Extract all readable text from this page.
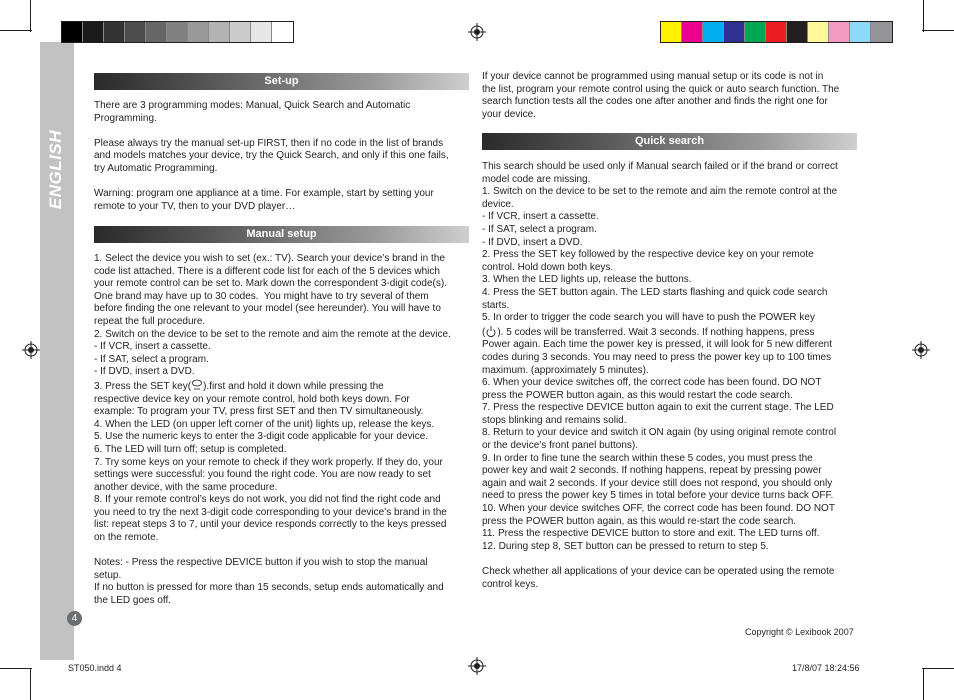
ENGLISH
4
Set-up

There are 3 programming modes: Manual, Quick Search and Automatic

Programming.

Please always try the manual set-up FIRST, then if no code in the list of brands

and models matches your device, try the Quick Search, and only if this one fails,

try Automatic Programming.

Warning: program one appliance at a time. For example, start by setting your

remote to your TV, then to your DVD player…

Manual setup

1. Select the device you wish to set (ex.: TV). Search your device’s brand in the

code list attached. There is a different code list for each of the 5 devices which

your remote control can be set to. Mark down the correspondent 3-digit code(s).

One brand may have up to 30 codes.  You might have to try several of them

before finding the one relevant to your model (see hereunder). You will have to

repeat the full procedure.

2. Switch on the device to be set to the remote and aim the remote at the device.

- If VCR, insert a cassette.

- If SAT, select a program.

- If DVD, insert a DVD.

3. Press the SET key( ).first and hold it down while pressing the

respective device key on your remote control, hold both keys down. For

example: To program your TV, press first SET and then TV simultaneously.

4. When the LED (on upper left corner of the unit) lights up, release the keys.

5. Use the numeric keys to enter the 3-digit code applicable for your device.

6. The LED will turn off; setup is completed.

7. Try some keys on your remote to check if they work properly. If they do, your

settings were successful: you found the right code. You are now ready to set

another device, with the same procedure.

8. If your remote control’s keys do not work, you did not find the right code and

you need to try the next 3-digit code corresponding to your device’s brand in the

list: repeat steps 3 to 7, until your device responds correctly to the keys pressed

on the remote.

Notes: - Press the respective DEVICE button if you wish to stop the manual

setup.

If no button is pressed for more than 15 seconds, setup ends automatically and

the LED goes off.

If your device cannot be programmed using manual setup or its code is not in

the list, program your remote control using the quick or auto search function. The

search function tests all the codes one after another and finds the right one for

your device.

Quick search

This search should be used only if Manual search failed or if the brand or correct

model code are missing.

1. Switch on the device to be set to the remote and aim the remote control at the

device.

- If VCR, insert a cassette.

- If SAT, select a program.

- If DVD, insert a DVD.

2. Press the SET key followed by the respective device key on your remote

control. Hold down both keys.

3. When the LED lights up, release the buttons.

4. Press the SET button again. The LED starts flashing and quick code search

starts.

5. In order to trigger the code search you will have to push the POWER key

( ). 5 codes will be transferred. Wait 3 seconds. If nothing happens, press

Power again. Each time the power key is pressed, it will look for 5 new different

codes during 3 seconds. You may need to press the power key up to 100 times

maximum. (approximately 5 minutes).

6. When your device switches off, the correct code has been found. DO NOT

press the POWER button again, as this would restart the code search.

7. Press the respective DEVICE button again to exit the current stage. The LED

stops blinking and remains solid.

8. Return to your device and switch it ON again (by using original remote control

or the device’s front panel buttons).

9. In order to fine tune the search within these 5 codes, you must press the

power key and wait 2 seconds. If nothing happens, repeat by pressing power

again and wait 2 seconds. If your device still does not respond, you should only

need to press the power key 5 times in total before your device turns back OFF.

10. When your device switches OFF, the correct code has been found. DO NOT

press the POWER button again, as this would re-start the code search.

11. Press the respective DEVICE button to store and exit. The LED turns off.

12. During step 8, SET button can be pressed to return to step 5.

Check whether all applications of your device can be operated using the remote

control keys.

Copyright © Lexibook 2007
ST050.indd 4	17/8/07 18:24:56
